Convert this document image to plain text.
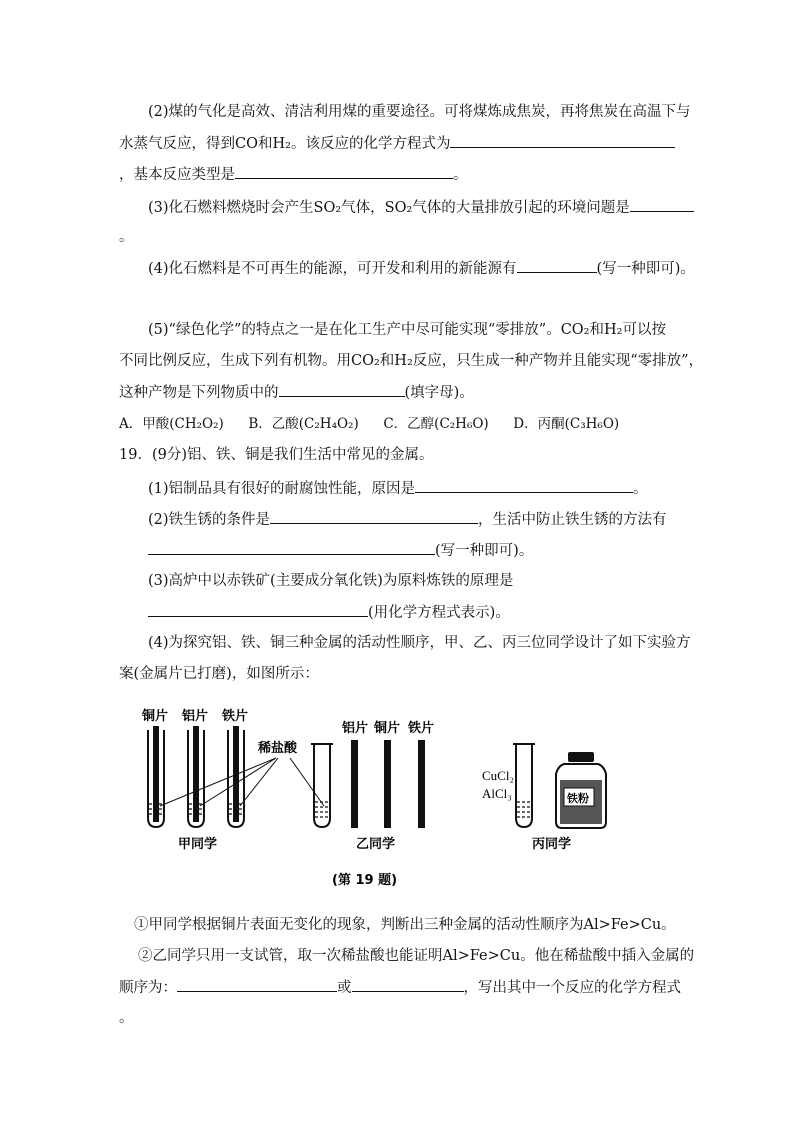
(2)煤的气化是高效、清洁利用煤的重要途径。可将煤炼成焦炭，再将焦炭在高温下与
水蒸气反应，得到CO和H₂。该反应的化学方程式为
，基本反应类型是	。
(3)化石燃料燃烧时会产生SO₂气体，SO₂气体的大量排放引起的环境问题是
。
(4)化石燃料是不可再生的能源，可开发和利用的新能源有	(写一种即可)。
(5)“绿色化学”的特点之一是在化工生产中尽可能实现“零排放”。CO₂和H₂可以按
不同比例反应，生成下列有机物。用CO₂和H₂反应，只生成一种产物并且能实现“零排放”，
这种产物是下列物质中的	(填字母)。
A．甲酸(CH₂O₂) B．乙酸(C₂H₄O₂) C．乙醇(C₂H₆O) D．丙酮(C₃H₆O)
19．(9分)铝、铁、铜是我们生活中常见的金属。
(1)铝制品具有很好的耐腐蚀性能，原因是	。
(2)铁生锈的条件是	，生活中防止铁生锈的方法有
(写一种即可)。
(3)高炉中以赤铁矿(主要成分氧化铁)为原料炼铁的原理是
(用化学方程式表示)。
(4)为探究铝、铁、铜三种金属的活动性顺序，甲、乙、丙三位同学设计了如下实验方
案(金属片已打磨)，如图所示：
铜片 铝片 铁片
稀盐酸
甲同学
铝片 铜片 铁片
乙同学
CuCl₂
AlCl₃	铁粉
丙同学
(第 19 题)
①甲同学根据铜片表面无变化的现象，判断出三种金属的活动性顺序为Al>Fe>Cu。
②乙同学只用一支试管，取一次稀盐酸也能证明Al>Fe>Cu。他在稀盐酸中插入金属的
顺序为：	或	，写出其中一个反应的化学方程式
。
